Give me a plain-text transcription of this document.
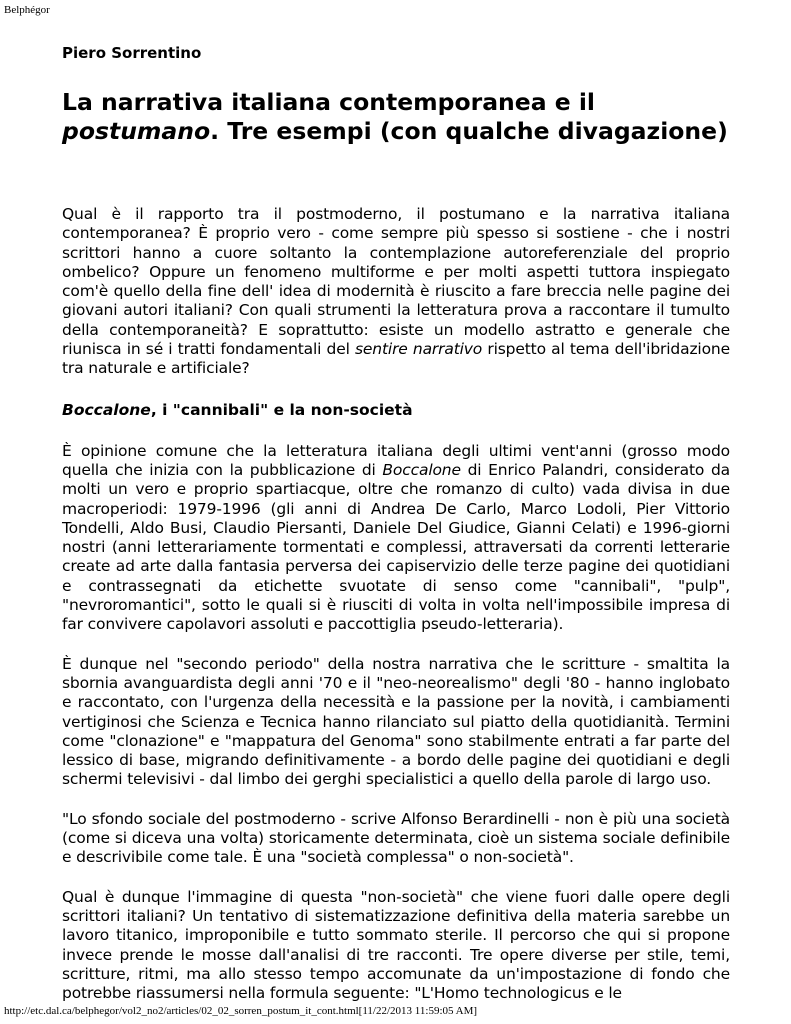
Belphégor
Piero Sorrentino
La narrativa italiana contemporanea e il postumano. Tre esempi (con qualche divagazione)

Qual è il rapporto tra il postmoderno, il postumano e la narrativa italiana contemporanea? È proprio vero - come sempre più spesso si sostiene - che i nostri scrittori hanno a cuore soltanto la contemplazione autoreferenziale del proprio ombelico? Oppure un fenomeno multiforme e per molti aspetti tuttora inspiegato com'è quello della fine dell' idea di modernità è riuscito a fare breccia nelle pagine dei giovani autori italiani? Con quali strumenti la letteratura prova a raccontare il tumulto della contemporaneità? E soprattutto: esiste un modello astratto e generale che riunisca in sé i tratti fondamentali del sentire narrativo rispetto al tema dell'ibridazione tra naturale e artificiale?

Boccalone, i "cannibali" e la non-società

È opinione comune che la letteratura italiana degli ultimi vent'anni (grosso modo quella che inizia con la pubblicazione di Boccalone di Enrico Palandri, considerato da molti un vero e proprio spartiacque, oltre che romanzo di culto) vada divisa in due macroperiodi: 1979-1996 (gli anni di Andrea De Carlo, Marco Lodoli, Pier Vittorio Tondelli, Aldo Busi, Claudio Piersanti, Daniele Del Giudice, Gianni Celati) e 1996-giorni nostri (anni letterariamente tormentati e complessi, attraversati da correnti letterarie create ad arte dalla fantasia perversa dei capiservizio delle terze pagine dei quotidiani e contrassegnati da etichette svuotate di senso come "cannibali", "pulp", "nevroromantici", sotto le quali si è riusciti di volta in volta nell'impossibile impresa di far convivere capolavori assoluti e paccottiglia pseudo-letteraria).

È dunque nel "secondo periodo" della nostra narrativa che le scritture - smaltita la sbornia avanguardista degli anni '70 e il "neo-neorealismo" degli '80 - hanno inglobato e raccontato, con l'urgenza della necessità e la passione per la novità, i cambiamenti vertiginosi che Scienza e Tecnica hanno rilanciato sul piatto della quotidianità. Termini come "clonazione" e "mappatura del Genoma" sono stabilmente entrati a far parte del lessico di base, migrando definitivamente - a bordo delle pagine dei quotidiani e degli schermi televisivi - dal limbo dei gerghi specialistici a quello della parole di largo uso.

"Lo sfondo sociale del postmoderno - scrive Alfonso Berardinelli - non è più una società (come si diceva una volta) storicamente determinata, cioè un sistema sociale definibile e descrivibile come tale. È una "società complessa" o non-società".

Qual è dunque l'immagine di questa "non-società" che viene fuori dalle opere degli scrittori italiani? Un tentativo di sistematizzazione definitiva della materia sarebbe un lavoro titanico, improponibile e tutto sommato sterile. Il percorso che qui si propone invece prende le mosse dall'analisi di tre racconti. Tre opere diverse per stile, temi, scritture, ritmi, ma allo stesso tempo accomunate da un'impostazione di fondo che potrebbe riassumersi nella formula seguente: "L'Homo technologicus e le

http://etc.dal.ca/belphegor/vol2_no2/articles/02_02_sorren_postum_it_cont.html[11/22/2013 11:59:05 AM]
